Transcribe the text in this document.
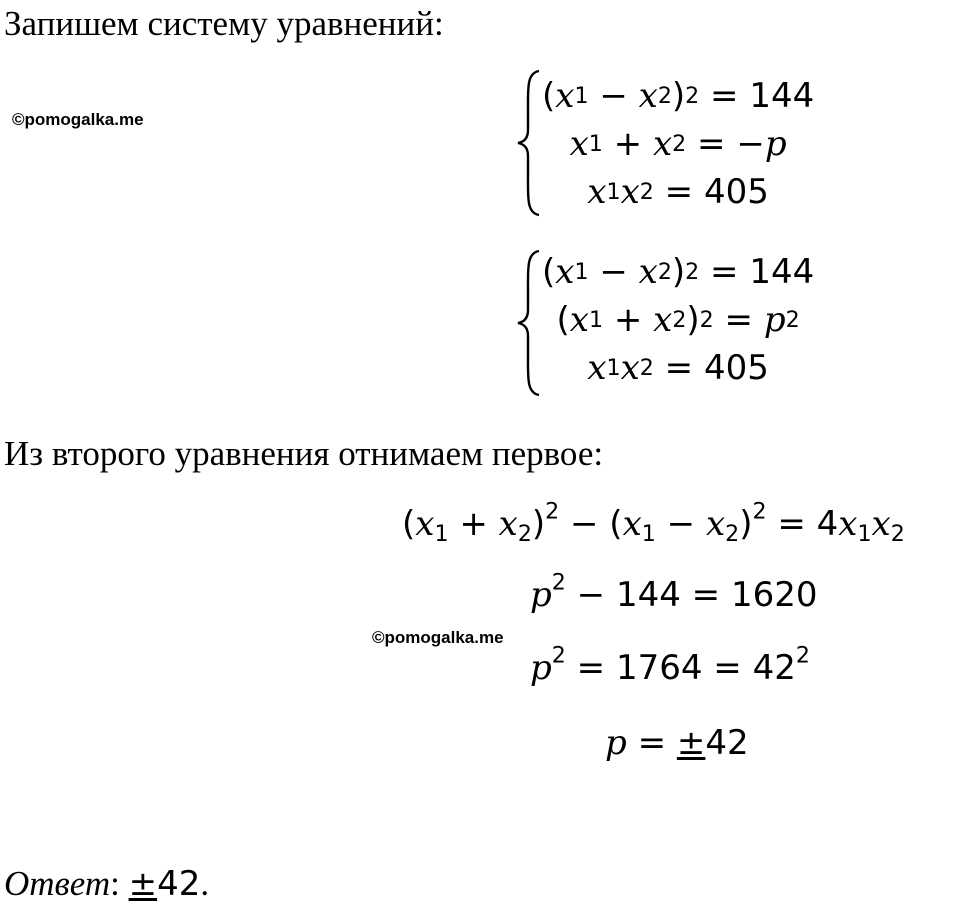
Запишем систему уравнений:
©pomogalka.me
( x 1 − x 2 ) 2 = 144
x 1 + x 2 = − p
x 1 x 2 = 405
( x 1 − x 2 ) 2 = 144
( x 1 + x 2 ) 2 = p 2
x 1 x 2 = 405
Из второго уравнения отнимаем первое:
$(x_1 + x_2)^2 - (x_1 - x_2)^2 = 4x_1x_2$
$p^2 - 144 = 1620$
©pomogalka.me
$p^2 = 1764 = 42^2$
p = ±42
Ответ: ±42.
